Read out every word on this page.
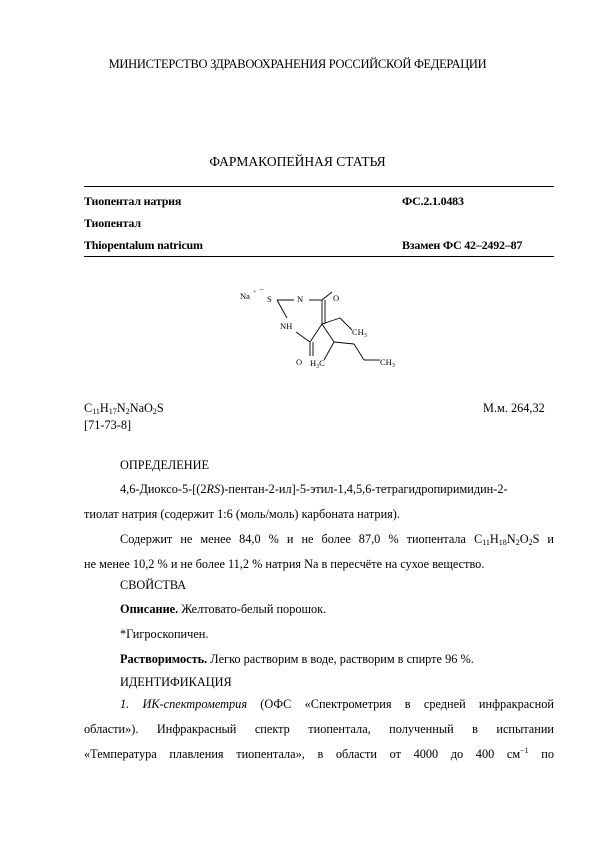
МИНИСТЕРСТВО ЗДРАВООХРАНЕНИЯ РОССИЙСКОЙ ФЕДЕРАЦИИ
ФАРМАКОПЕЙНАЯ СТАТЬЯ
Тиопентал натрия	ФС.2.1.0483
Тиопентал
Thiopentalum natricum	Взамен ФС 42–2492–87
Na + −
S	N	O
NH
O
$CH_3$
$H_3C$	$CH_3$
$C_{11}H_{17}N_2NaO_2S$	М.м. 264,32
[71-73-8]
ОПРЕДЕЛЕНИЕ
4,6-Диоксо-5-[(2RS)-пентан-2-ил]-5-этил-1,4,5,6-тетрагидропиримидин-2-
тиолат натрия (содержит 1:6 (моль/моль) карбоната натрия).
Содержит не менее 84,0 % и не более 87,0 % тиопентала $C_{11}H_{18}N_2O_2S$ и
не менее 10,2 % и не более 11,2 % натрия Na в пересчёте на сухое вещество.
СВОЙСТВА
Описание. Желтовато-белый порошок.
*Гигроскопичен.
Растворимость. Легко растворим в воде, растворим в спирте 96 %.
ИДЕНТИФИКАЦИЯ
1. ИК-спектрометрия (ОФС «Спектрометрия в средней инфракрасной
области»). Инфракрасный спектр тиопентала, полученный в испытании
«Температура плавления тиопентала», в области от 4000 до 400 $см^{-1}$ по
